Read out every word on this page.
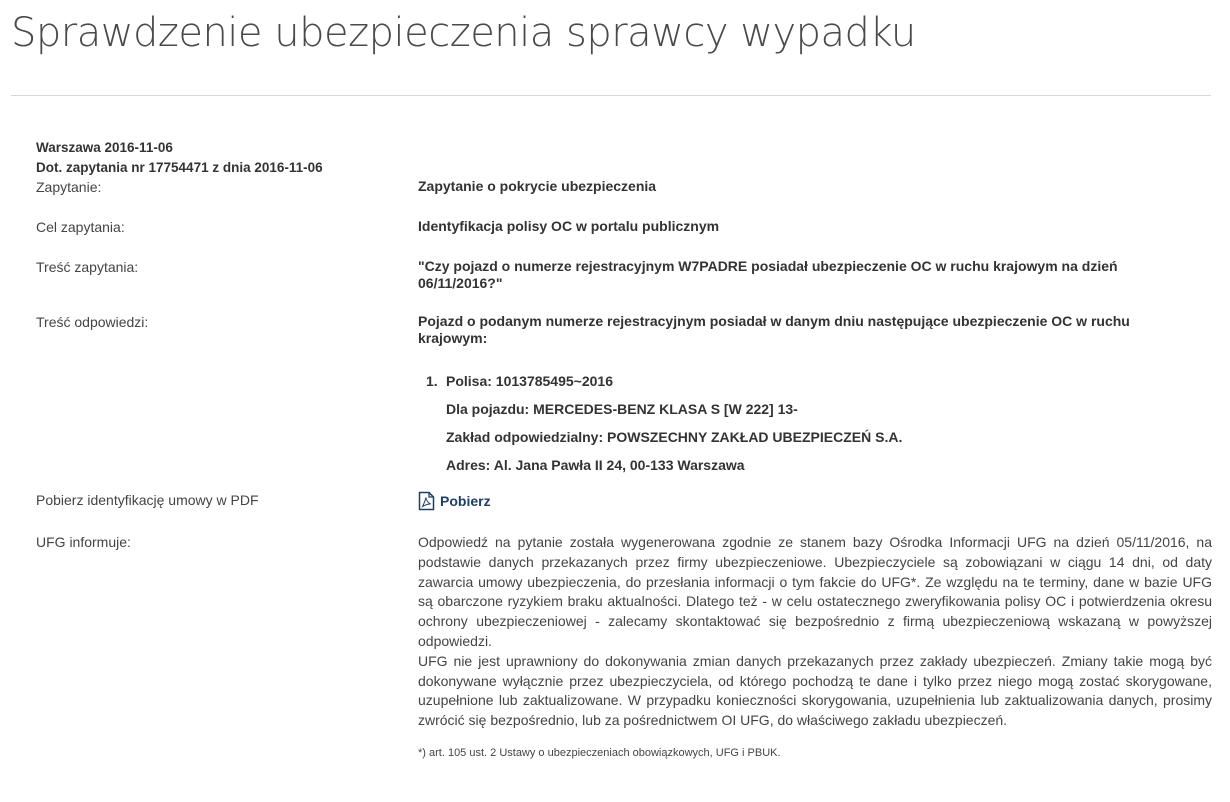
Sprawdzenie ubezpieczenia sprawcy wypadku
Warszawa 2016-11-06
Dot. zapytania nr 17754471 z dnia 2016-11-06
Zapytanie:	Zapytanie o pokrycie ubezpieczenia
Cel zapytania:	Identyfikacja polisy OC w portalu publicznym
Treść zapytania:	"Czy pojazd o numerze rejestracyjnym W7PADRE posiadał ubezpieczenie OC w ruchu krajowym na dzień 06/11/2016?"
Treść odpowiedzi:	Pojazd o podanym numerze rejestracyjnym posiadał w danym dniu następujące ubezpieczenie OC w ruchu krajowym:
1. Polisa: 1013785495~2016
Dla pojazdu: MERCEDES-BENZ KLASA S [W 222] 13-
Zakład odpowiedzialny: POWSZECHNY ZAKŁAD UBEZPIECZEŃ S.A.
Adres: Al. Jana Pawła II 24, 00-133 Warszawa
Pobierz identyfikację umowy w PDF	Pobierz
UFG informuje:	Odpowiedź na pytanie została wygenerowana zgodnie ze stanem bazy Ośrodka Informacji UFG na dzień 05/11/2016, na podstawie danych przekazanych przez firmy ubezpieczeniowe. Ubezpieczyciele są zobowiązani w ciągu 14 dni, od daty zawarcia umowy ubezpieczenia, do przesłania informacji o tym fakcie do UFG*. Ze względu na te terminy, dane w bazie UFG są obarczone ryzykiem braku aktualności. Dlatego też - w celu ostatecznego zweryfikowania polisy OC i potwierdzenia okresu ochrony ubezpieczeniowej - zalecamy skontaktować się bezpośrednio z firmą ubezpieczeniową wskazaną w powyższej odpowiedzi.
UFG nie jest uprawniony do dokonywania zmian danych przekazanych przez zakłady ubezpieczeń. Zmiany takie mogą być dokonywane wyłącznie przez ubezpieczyciela, od którego pochodzą te dane i tylko przez niego mogą zostać skorygowane, uzupełnione lub zaktualizowane. W przypadku konieczności skorygowania, uzupełnienia lub zaktualizowania danych, prosimy zwrócić się bezpośrednio, lub za pośrednictwem OI UFG, do właściwego zakładu ubezpieczeń.
*) art. 105 ust. 2 Ustawy o ubezpieczeniach obowiązkowych, UFG i PBUK.
